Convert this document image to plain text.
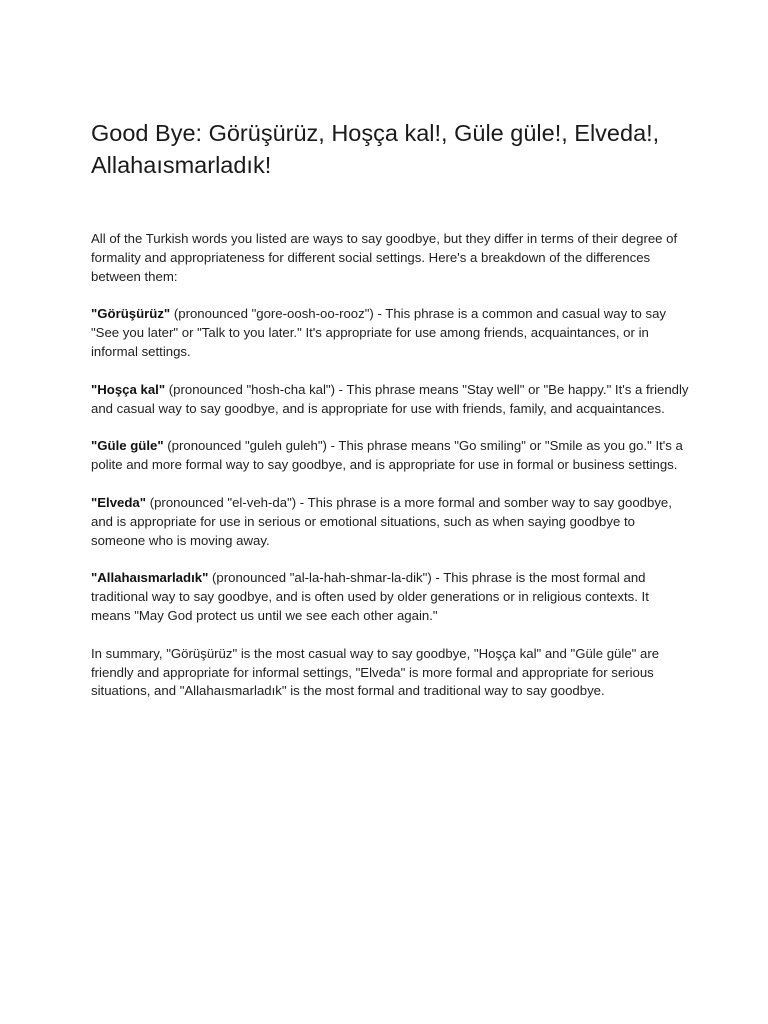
Good Bye: Görüşürüz, Hoşça kal!, Güle güle!, Elveda!, Allahaısmarladık!

All of the Turkish words you listed are ways to say goodbye, but they differ in terms of their degree of formality and appropriateness for different social settings. Here's a breakdown of the differences between them:

"Görüşürüz" (pronounced "gore-oosh-oo-rooz") - This phrase is a common and casual way to say "See you later" or "Talk to you later." It's appropriate for use among friends, acquaintances, or in informal settings.

"Hoşça kal" (pronounced "hosh-cha kal") - This phrase means "Stay well" or "Be happy." It's a friendly and casual way to say goodbye, and is appropriate for use with friends, family, and acquaintances.

"Güle güle" (pronounced "guleh guleh") - This phrase means "Go smiling" or "Smile as you go." It's a polite and more formal way to say goodbye, and is appropriate for use in formal or business settings.

"Elveda" (pronounced "el-veh-da") - This phrase is a more formal and somber way to say goodbye, and is appropriate for use in serious or emotional situations, such as when saying goodbye to someone who is moving away.

"Allahaısmarladık" (pronounced "al-la-hah-shmar-la-dik") - This phrase is the most formal and traditional way to say goodbye, and is often used by older generations or in religious contexts. It means "May God protect us until we see each other again."

In summary, "Görüşürüz" is the most casual way to say goodbye, "Hoşça kal" and "Güle güle" are friendly and appropriate for informal settings, "Elveda" is more formal and appropriate for serious situations, and "Allahaısmarladık" is the most formal and traditional way to say goodbye.
